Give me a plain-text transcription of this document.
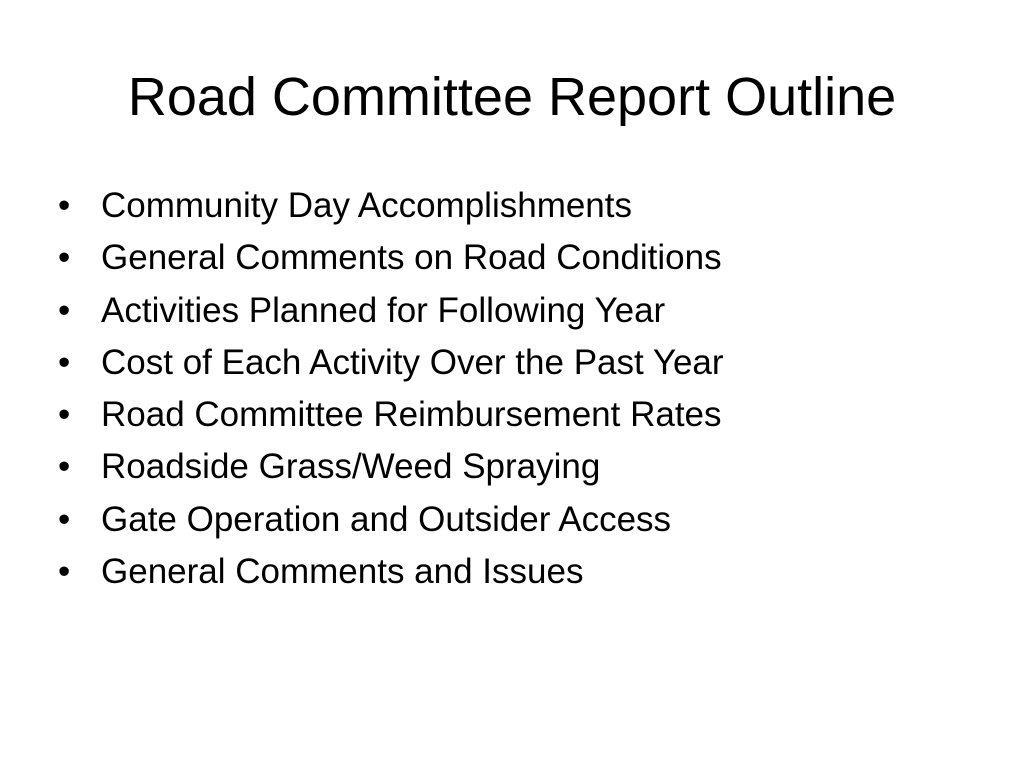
Road Committee Report Outline
• Community Day Accomplishments
• General Comments on Road Conditions
• Activities Planned for Following Year
• Cost of Each Activity Over the Past Year
• Road Committee Reimbursement Rates
• Roadside Grass/Weed Spraying
• Gate Operation and Outsider Access
• General Comments and Issues
